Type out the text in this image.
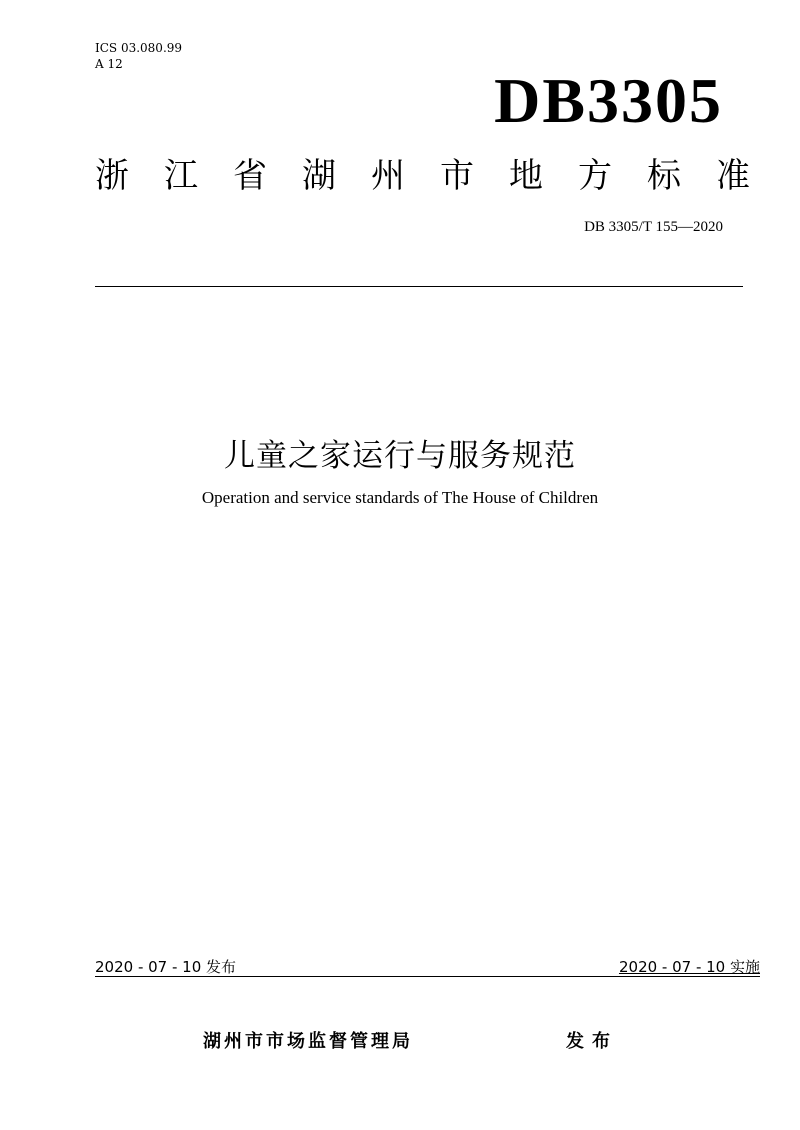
ICS 03.080.99
A 12
DB3305
浙 江 省 湖 州 市 地 方 标 准
DB 3305/T 155—2020
儿童之家运行与服务规范
Operation and service standards of The House of Children
2020 - 07 - 10 发布	2020 - 07 - 10 实施
湖州市市场监督管理局	发布
